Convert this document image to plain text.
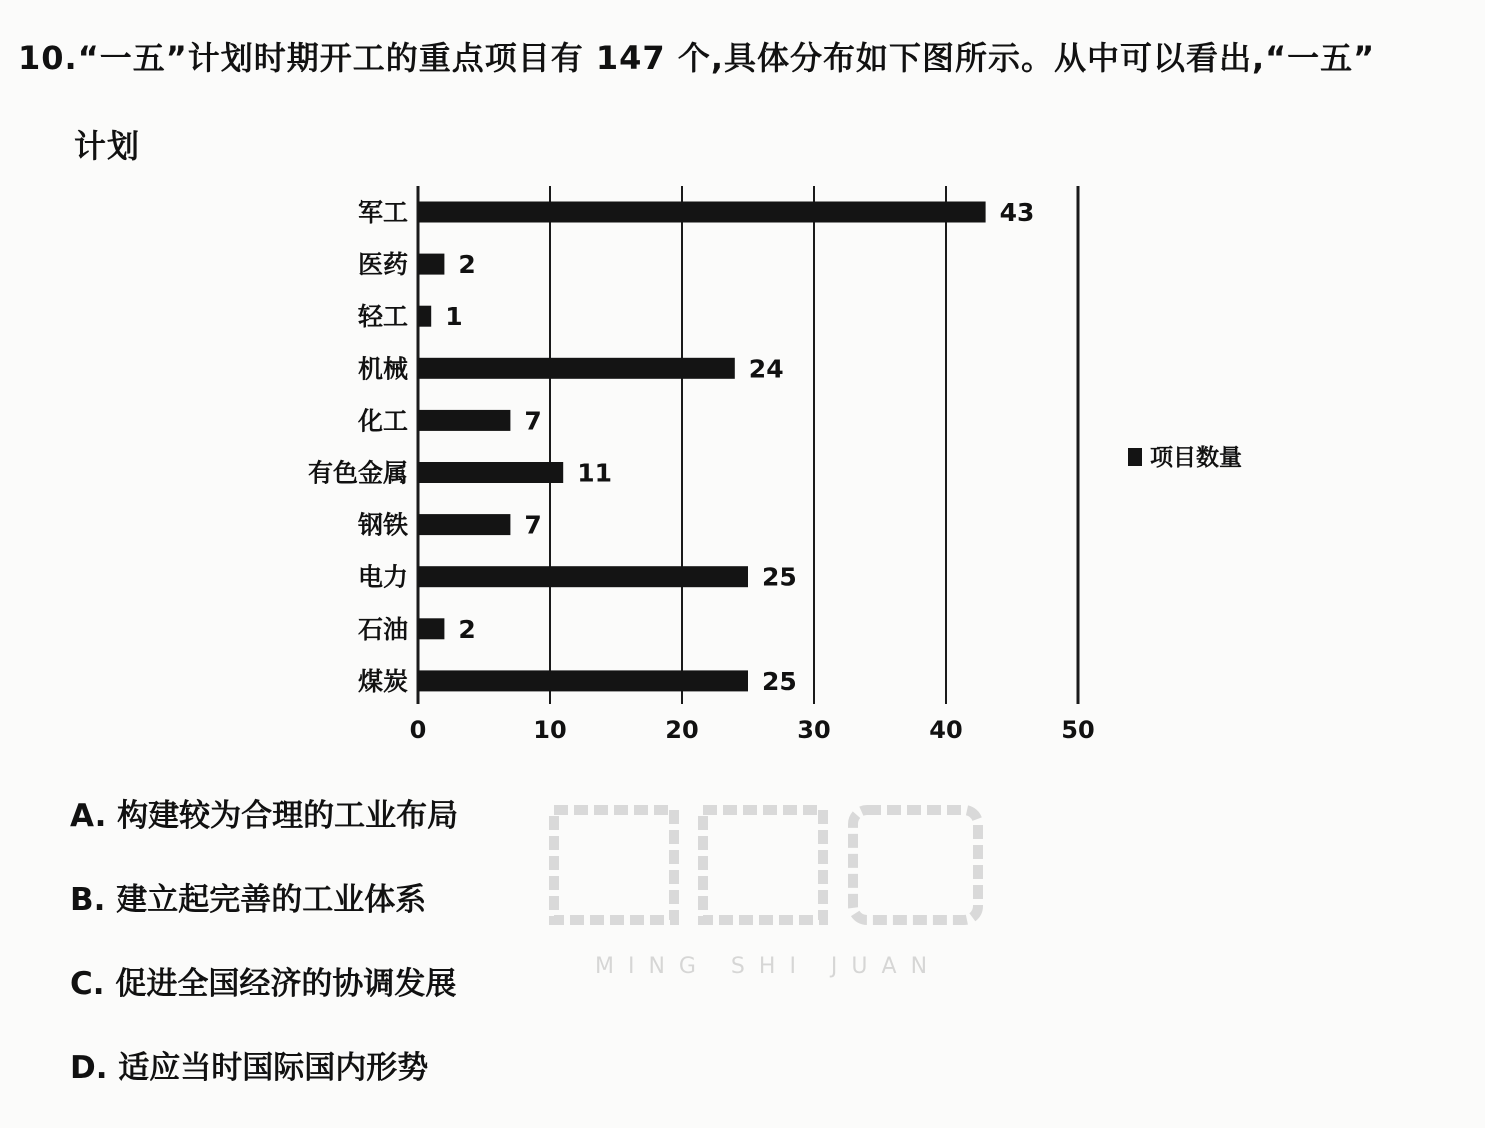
10.“一五”计划时期开工的重点项目有 147 个,具体分布如下图所示。从中可以看出,“一五”
计划
0	10	20	30	40	50
军工	43
医药 2
轻工 1
机械	24
化工	7
有色金属	11
钢铁	7
电力	25
石油 2
煤炭	25
项目数量
A. 构建较为合理的工业布局
B. 建立起完善的工业体系
C. 促进全国经济的协调发展
D. 适应当时国际国内形势
MING SHI JUAN
